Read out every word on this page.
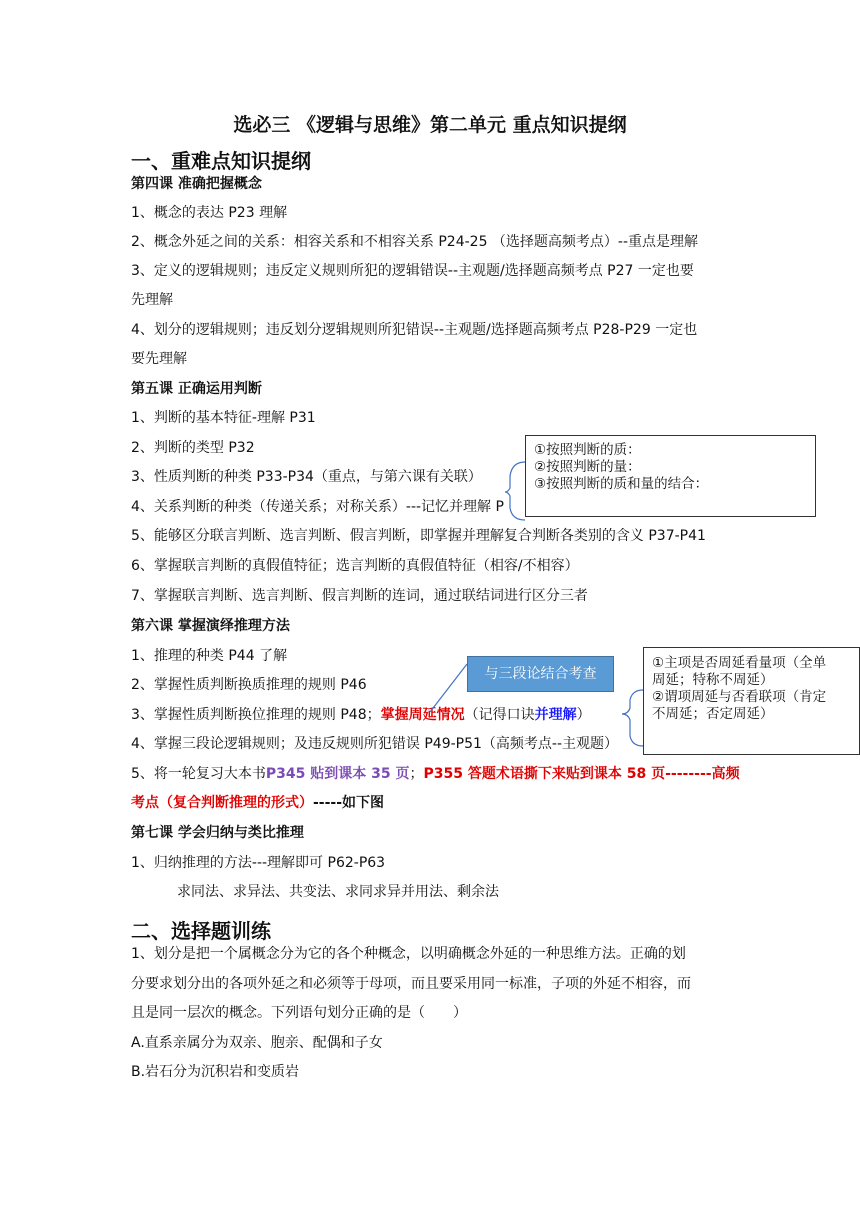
选必三 《逻辑与思维》第二单元 重点知识提纲
一、重难点知识提纲
第四课 准确把握概念
1、概念的表达 P23 理解
2、概念外延之间的关系：相容关系和不相容关系 P24-25 （选择题高频考点）--重点是理解
3、定义的逻辑规则；违反定义规则所犯的逻辑错误--主观题/选择题高频考点 P27 一定也要
先理解
4、划分的逻辑规则；违反划分逻辑规则所犯错误--主观题/选择题高频考点 P28-P29 一定也
要先理解
第五课 正确运用判断
1、判断的基本特征-理解 P31
2、判断的类型 P32
3、性质判断的种类 P33-P34（重点，与第六课有关联）
4、关系判断的种类（传递关系；对称关系）---记忆并理解 P
5、能够区分联言判断、选言判断、假言判断，即掌握并理解复合判断各类别的含义 P37-P41
6、掌握联言判断的真假值特征；选言判断的真假值特征（相容/不相容）
7、掌握联言判断、选言判断、假言判断的连词，通过联结词进行区分三者
①按照判断的质：
②按照判断的量：
③按照判断的质和量的结合：
第六课 掌握演绎推理方法
1、推理的种类 P44 了解
2、掌握性质判断换质推理的规则 P46
3、掌握性质判断换位推理的规则 P48；掌握周延情况（记得口诀并理解）
4、掌握三段论逻辑规则；及违反规则所犯错误 P49-P51（高频考点--主观题）
5、将一轮复习大本书P345 贴到课本 35 页；P355 答题术语撕下来贴到课本 58 页--------高频
考点（复合判断推理的形式）-----如下图
与三段论结合考查
①主项是否周延看量项（全单
周延；特称不周延）
②谓项周延与否看联项（肯定
不周延；否定周延）
第七课 学会归纳与类比推理
1、归纳推理的方法---理解即可 P62-P63
求同法、求异法、共变法、求同求异并用法、剩余法
二、选择题训练
1、划分是把一个属概念分为它的各个种概念，以明确概念外延的一种思维方法。正确的划
分要求划分出的各项外延之和必须等于母项，而且要采用同一标准，子项的外延不相容，而
且是同一层次的概念。下列语句划分正确的是（　　）
A.直系亲属分为双亲、胞亲、配偶和子女
B.岩石分为沉积岩和变质岩
